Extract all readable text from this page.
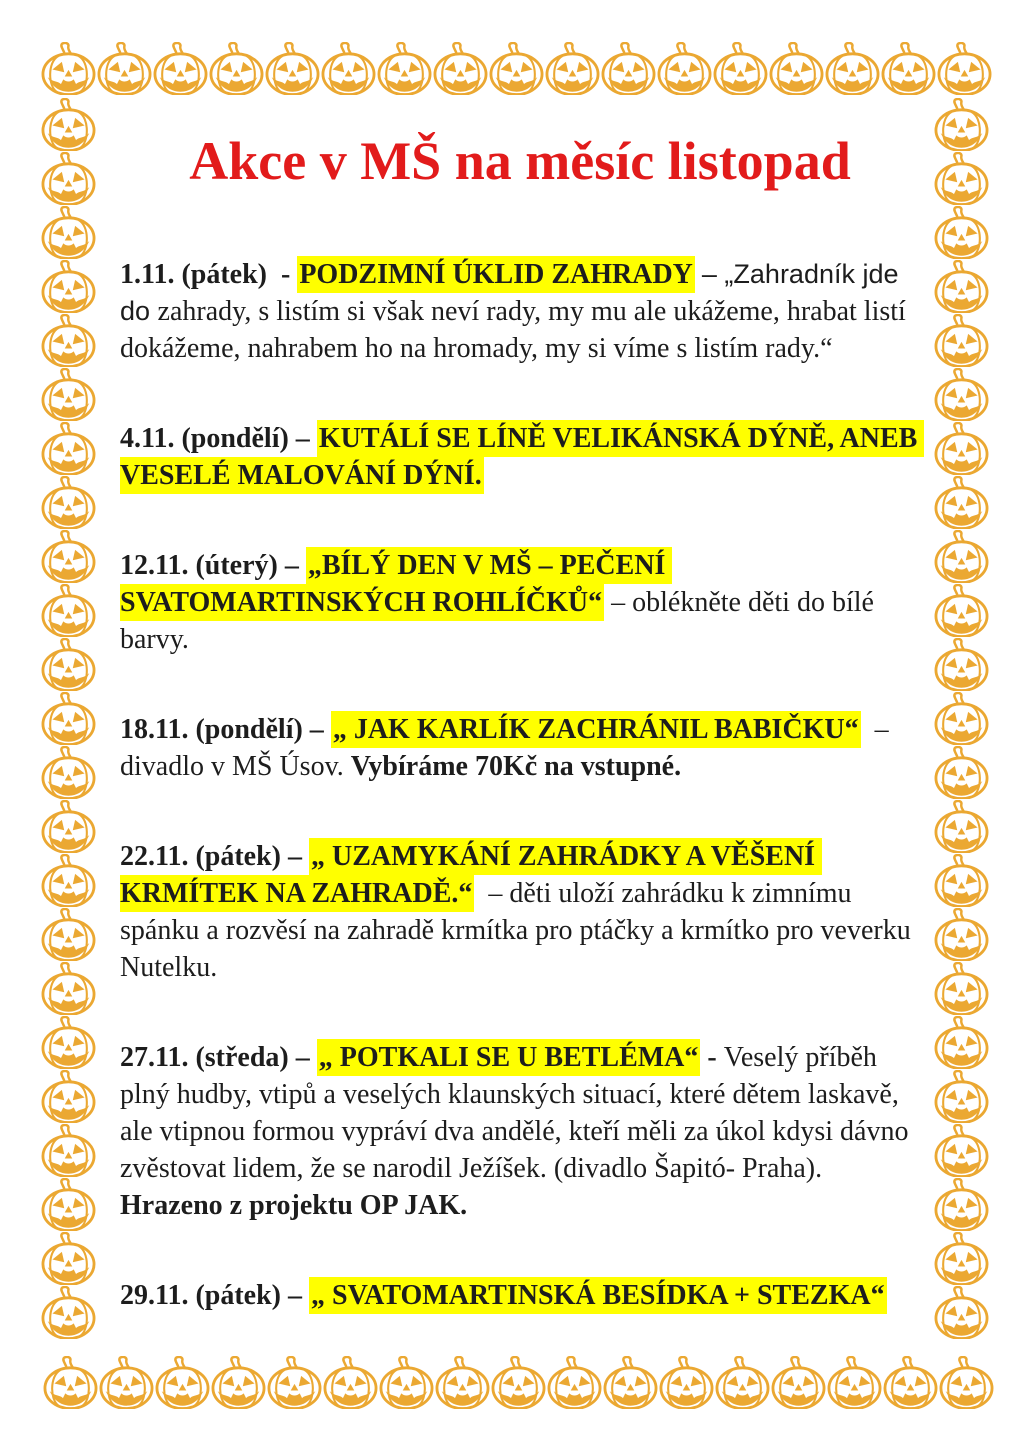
Akce v MŠ na měsíc listopad

1.11. (pátek)  - PODZIMNÍ ÚKLID ZAHRADY – „Zahradník jde do zahrady, s listím si však neví rady, my mu ale ukážeme, hrabat listí dokážeme, nahrabem ho na hromady, my si víme s listím rady.“

4.11. (pondělí) – KUTÁLÍ SE LÍNĚ VELIKÁNSKÁ DÝNĚ, ANEB VESELÉ MALOVÁNÍ DÝNÍ.

12.11. (úterý) – „BÍLÝ DEN V MŠ – PEČENÍ SVATOMARTINSKÝCH ROHLÍČKŮ“ – oblékněte děti do bílé barvy.

18.11. (pondělí) – „ JAK KARLÍK ZACHRÁNIL BABIČKU“  – divadlo v MŠ Úsov. Vybíráme 70Kč na vstupné.

22.11. (pátek) – „ UZAMYKÁNÍ ZAHRÁDKY A VĚŠENÍ KRMÍTEK NA ZAHRADĚ.“  – děti uloží zahrádku k zimnímu spánku a rozvěsí na zahradě krmítka pro ptáčky a krmítko pro veverku Nutelku.

27.11. (středa) – „ POTKALI SE U BETLÉMA“ - Veselý příběh plný hudby, vtipů a veselých klaunských situací, které dětem laskavě, ale vtipnou formou vypráví dva andělé, kteří měli za úkol kdysi dávno zvěstovat lidem, že se narodil Ježíšek. (divadlo Šapitó- Praha).
Hrazeno z projektu OP JAK.

29.11. (pátek) – „ SVATOMARTINSKÁ BESÍDKA + STEZKA“
